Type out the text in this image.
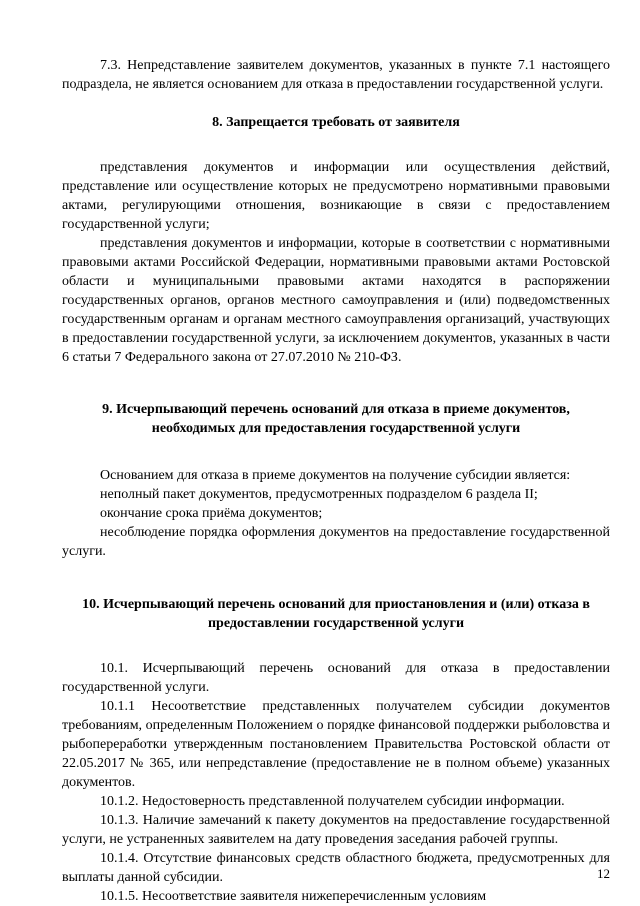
7.3. Непредставление заявителем документов, указанных в пункте 7.1 настоящего подраздела, не является основанием для отказа в предоставлении государственной услуги.

8. Запрещается требовать от заявителя

представления документов и информации или осуществления действий, представление или осуществление которых не предусмотрено нормативными правовыми актами, регулирующими отношения, возникающие в связи с предоставлением государственной услуги;

представления документов и информации, которые в соответствии с нормативными правовыми актами Российской Федерации, нормативными правовыми актами Ростовской области и муниципальными правовыми актами находятся в распоряжении государственных органов, органов местного самоуправления и (или) подведомственных государственным органам и органам местного самоуправления организаций, участвующих в предоставлении государственной услуги, за исключением документов, указанных в части 6 статьи 7 Федерального закона от 27.07.2010 № 210-ФЗ.

9. Исчерпывающий перечень оснований для отказа в приеме документов,
необходимых для предоставления государственной услуги

Основанием для отказа в приеме документов на получение субсидии является:

неполный пакет документов, предусмотренных подразделом 6 раздела II;

окончание срока приёма документов;

несоблюдение порядка оформления документов на предоставление государственной услуги.

10. Исчерпывающий перечень оснований для приостановления и (или) отказа в
предоставлении государственной услуги

10.1. Исчерпывающий перечень оснований для отказа в предоставлении государственной услуги.

10.1.1 Несоответствие представленных получателем субсидии документов требованиям, определенным Положением о порядке финансовой поддержки рыболовства и рыбопереработки утвержденным постановлением Правительства Ростовской области от 22.05.2017 № 365, или непредставление (предоставление не в полном объеме) указанных документов.

10.1.2. Недостоверность представленной получателем субсидии информации.

10.1.3. Наличие замечаний к пакету документов на предоставление государственной услуги, не устраненных заявителем на дату проведения заседания рабочей группы.

10.1.4. Отсутствие финансовых средств областного бюджета, предусмотренных для выплаты данной субсидии.

10.1.5. Несоответствие заявителя нижеперечисленным условиям

12
